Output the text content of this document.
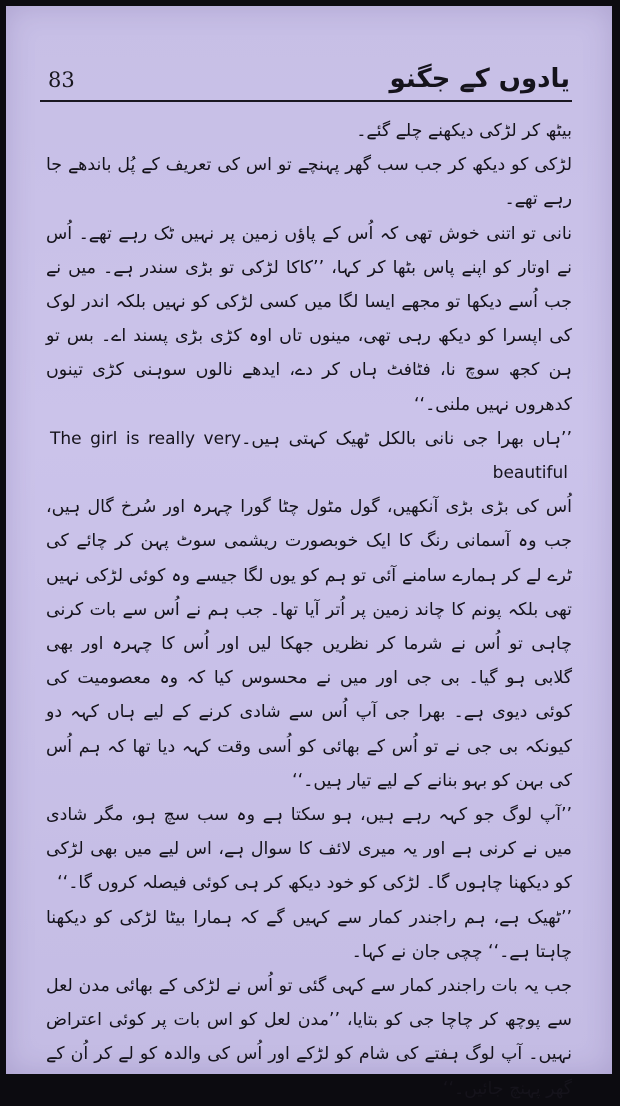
83	یادوں کے جگنو

بیٹھ کر لڑکی دیکھنے چلے گئے۔

لڑکی کو دیکھ کر جب سب گھر پہنچے تو اس کی تعریف کے پُل باندھے جا رہے تھے۔

نانی تو اتنی خوش تھی کہ اُس کے پاؤں زمین پر نہیں ٹک رہے تھے۔ اُس نے اوتار کو اپنے پاس بٹھا کر کہا، ’’کاکا لڑکی تو بڑی سندر ہے۔ میں نے جب اُسے دیکھا تو مجھے ایسا لگا میں کسی لڑکی کو نہیں بلکہ اندر لوک کی اپسرا کو دیکھ رہی تھی، مینوں تاں اوہ کڑی بڑی پسند اے۔ بس تو ہن کجھ سوچ نا، فٹافٹ ہاں کر دے، ایدھے نالوں سوہنی کڑی تینوں کدھروں نہیں ملنی۔‘‘

’’ہاں بھرا جی نانی بالکل ٹھیک کہتی ہیں۔The girl is really very beautiful

اُس کی بڑی بڑی آنکھیں، گول مٹول چٹا گورا چہرہ اور سُرخ گال ہیں، جب وہ آسمانی رنگ کا ایک خوبصورت ریشمی سوٹ پہن کر چائے کی ٹرے لے کر ہمارے سامنے آئی تو ہم کو یوں لگا جیسے وہ کوئی لڑکی نہیں تھی بلکہ پونم کا چاند زمین پر اُتر آیا تھا۔ جب ہم نے اُس سے بات کرنی چاہی تو اُس نے شرما کر نظریں جھکا لیں اور اُس کا چہرہ اور بھی گلابی ہو گیا۔ بی جی اور میں نے محسوس کیا کہ وہ معصومیت کی کوئی دیوی ہے۔ بھرا جی آپ اُس سے شادی کرنے کے لیے ہاں کہہ دو کیونکہ بی جی نے تو اُس کے بھائی کو اُسی وقت کہہ دیا تھا کہ ہم اُس کی بہن کو بہو بنانے کے لیے تیار ہیں۔‘‘

’’آپ لوگ جو کہہ رہے ہیں، ہو سکتا ہے وہ سب سچ ہو، مگر شادی میں نے کرنی ہے اور یہ میری لائف کا سوال ہے، اس لیے میں بھی لڑکی کو دیکھنا چاہوں گا۔ لڑکی کو خود دیکھ کر ہی کوئی فیصلہ کروں گا۔‘‘

’’ٹھیک ہے، ہم راجندر کمار سے کہیں گے کہ ہمارا بیٹا لڑکی کو دیکھنا چاہتا ہے۔‘‘ چچی جان نے کہا۔

جب یہ بات راجندر کمار سے کہی گئی تو اُس نے لڑکی کے بھائی مدن لعل سے پوچھ کر چاچا جی کو بتایا، ’’مدن لعل کو اس بات پر کوئی اعتراض نہیں۔ آپ لوگ ہفتے کی شام کو لڑکے اور اُس کی والدہ کو لے کر اُن کے گھر پہنچ جائیں۔‘‘
